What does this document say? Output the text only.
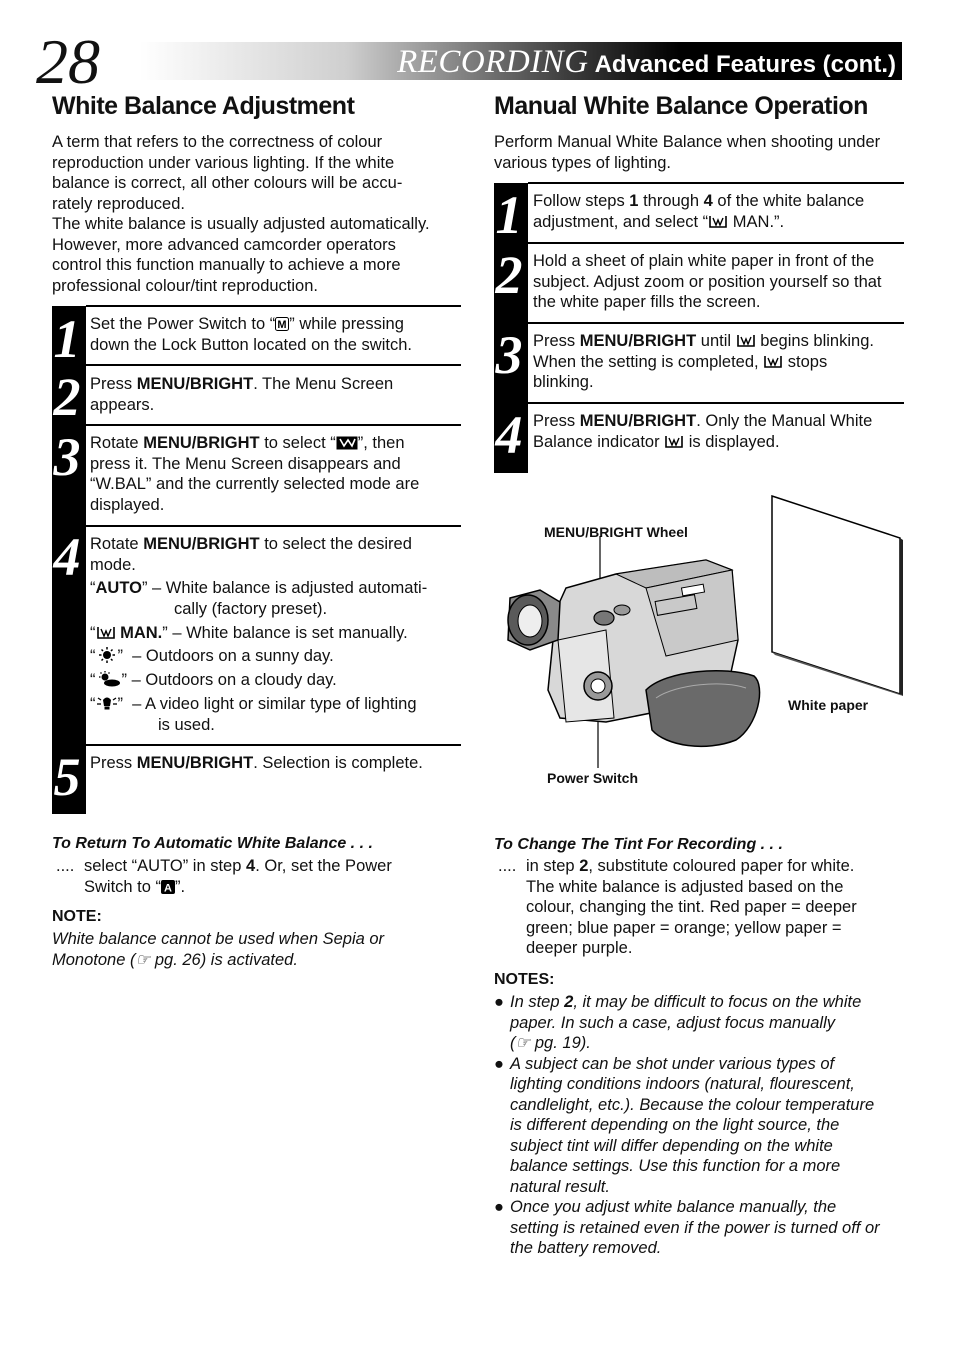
28	RECORDING Advanced Features (cont.)
White Balance Adjustment
A term that refers to the correctness of colour
reproduction under various lighting. If the white
balance is correct, all other colours will be accu-
rately reproduced.
The white balance is usually adjusted automatically.
However, more advanced camcorder operators
control this function manually to achieve a more
professional colour/tint reproduction.
1
2
3
4
5
Set the Power Switch to “ M ” while pressing
down the Lock Button located on the switch.
Press MENU/BRIGHT. The Menu Screen
appears.
Rotate MENU/BRIGHT to select “ ”, then
press it. The Menu Screen disappears and
“W.BAL” and the currently selected mode are
displayed.
Rotate MENU/BRIGHT to select the desired
mode.
“AUTO” – White balance is adjusted automati-
cally (factory preset).
“ MAN.” – White balance is set manually.
“ ” – Outdoors on a sunny day.
“ ” – Outdoors on a cloudy day.
“ ” – A video light or similar type of lighting
is used.
Press MENU/BRIGHT. Selection is complete.
To Return To Automatic White Balance . . .
.... select “AUTO” in step 4. Or, set the Power
Switch to “ A ”.
NOTE:
White balance cannot be used when Sepia or
Monotone (☞ pg. 26) is activated.
Manual White Balance Operation
Perform Manual White Balance when shooting under
various types of lighting.
1
2
3
4
Follow steps 1 through 4 of the white balance
adjustment, and select “ MAN.”.
Hold a sheet of plain white paper in front of the
subject. Adjust zoom or position yourself so that
the white paper fills the screen.
Press MENU/BRIGHT until  begins blinking.
When the setting is completed,  stops
blinking.
Press MENU/BRIGHT. Only the Manual White
Balance indicator  is displayed.
MENU/BRIGHT Wheel
White paper
Power Switch
To Change The Tint For Recording . . .
.... in step 2, substitute coloured paper for white.
The white balance is adjusted based on the
colour, changing the tint. Red paper = deeper
green; blue paper = orange; yellow paper =
deeper purple.
NOTES:
● In step 2, it may be difficult to focus on the white
paper. In such a case, adjust focus manually
(☞ pg. 19).
● A subject can be shot under various types of
lighting conditions indoors (natural, flourescent,
candlelight, etc.). Because the colour temperature
is different depending on the light source, the
subject tint will differ depending on the white
balance settings. Use this function for a more
natural result.
● Once you adjust white balance manually, the
setting is retained even if the power is turned off or
the battery removed.
